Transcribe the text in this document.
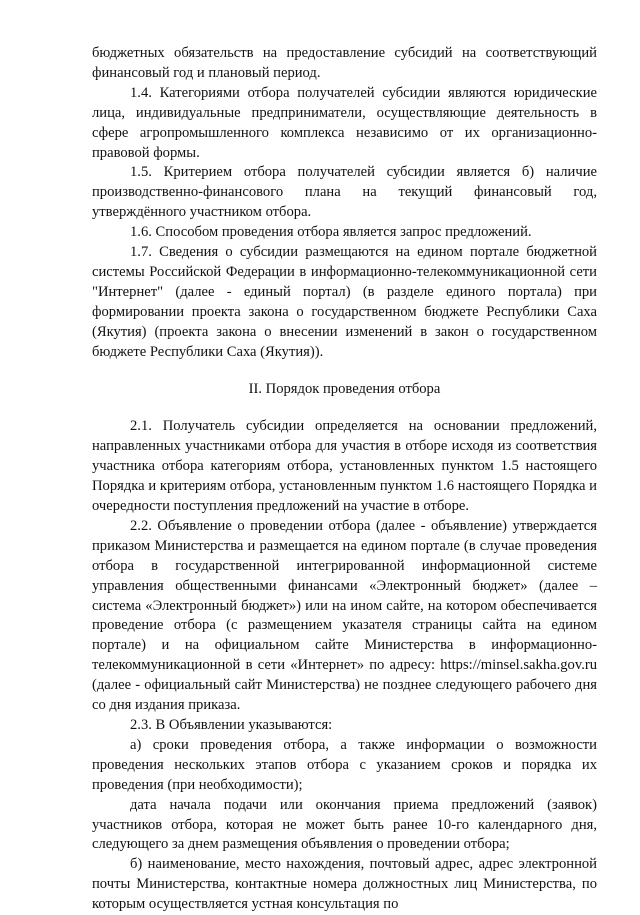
бюджетных обязательств на предоставление субсидий на соответствующий финансовый год и плановый период.

1.4. Категориями отбора получателей субсидии являются юридические лица, индивидуальные предприниматели, осуществляющие деятельность в сфере агропромышленного комплекса независимо от их организационно-правовой формы.

1.5. Критерием отбора получателей субсидии является б) наличие производственно-финансового плана на текущий финансовый год, утверждённого участником отбора.

1.6. Способом проведения отбора является запрос предложений.

1.7. Сведения о субсидии размещаются на едином портале бюджетной системы Российской Федерации в информационно-телекоммуникационной сети "Интернет" (далее - единый портал) (в разделе единого портала) при формировании проекта закона о государственном бюджете Республики Саха (Якутия) (проекта закона о внесении изменений в закон о государственном бюджете Республики Саха (Якутия)).

II. Порядок проведения отбора

2.1. Получатель субсидии определяется на основании предложений, направленных участниками отбора для участия в отборе исходя из соответствия участника отбора категориям отбора, установленных пунктом 1.5 настоящего Порядка и критериям отбора, установленным пунктом 1.6 настоящего Порядка и очередности поступления предложений на участие в отборе.

2.2. Объявление о проведении отбора (далее - объявление) утверждается приказом Министерства и размещается на едином портале (в случае проведения отбора в государственной интегрированной информационной системе управления общественными финансами «Электронный бюджет» (далее – система «Электронный бюджет») или на ином сайте, на котором обеспечивается проведение отбора (с размещением указателя страницы сайта на едином портале) и на официальном сайте Министерства в информационно- телекоммуникационной в сети «Интернет» по адресу: https://minsel.sakha.gov.ru (далее - официальный сайт Министерства) не позднее следующего рабочего дня со дня издания приказа.

2.3. В Объявлении указываются:

а) сроки проведения отбора, а также информации о возможности проведения нескольких этапов отбора с указанием сроков и порядка их проведения (при необходимости);

дата начала подачи или окончания приема предложений (заявок) участников отбора, которая не может быть ранее 10-го календарного дня, следующего за днем размещения объявления о проведении отбора;

б) наименование, место нахождения, почтовый адрес, адрес электронной почты Министерства, контактные номера должностных лиц Министерства, по которым осуществляется устная консультация по
